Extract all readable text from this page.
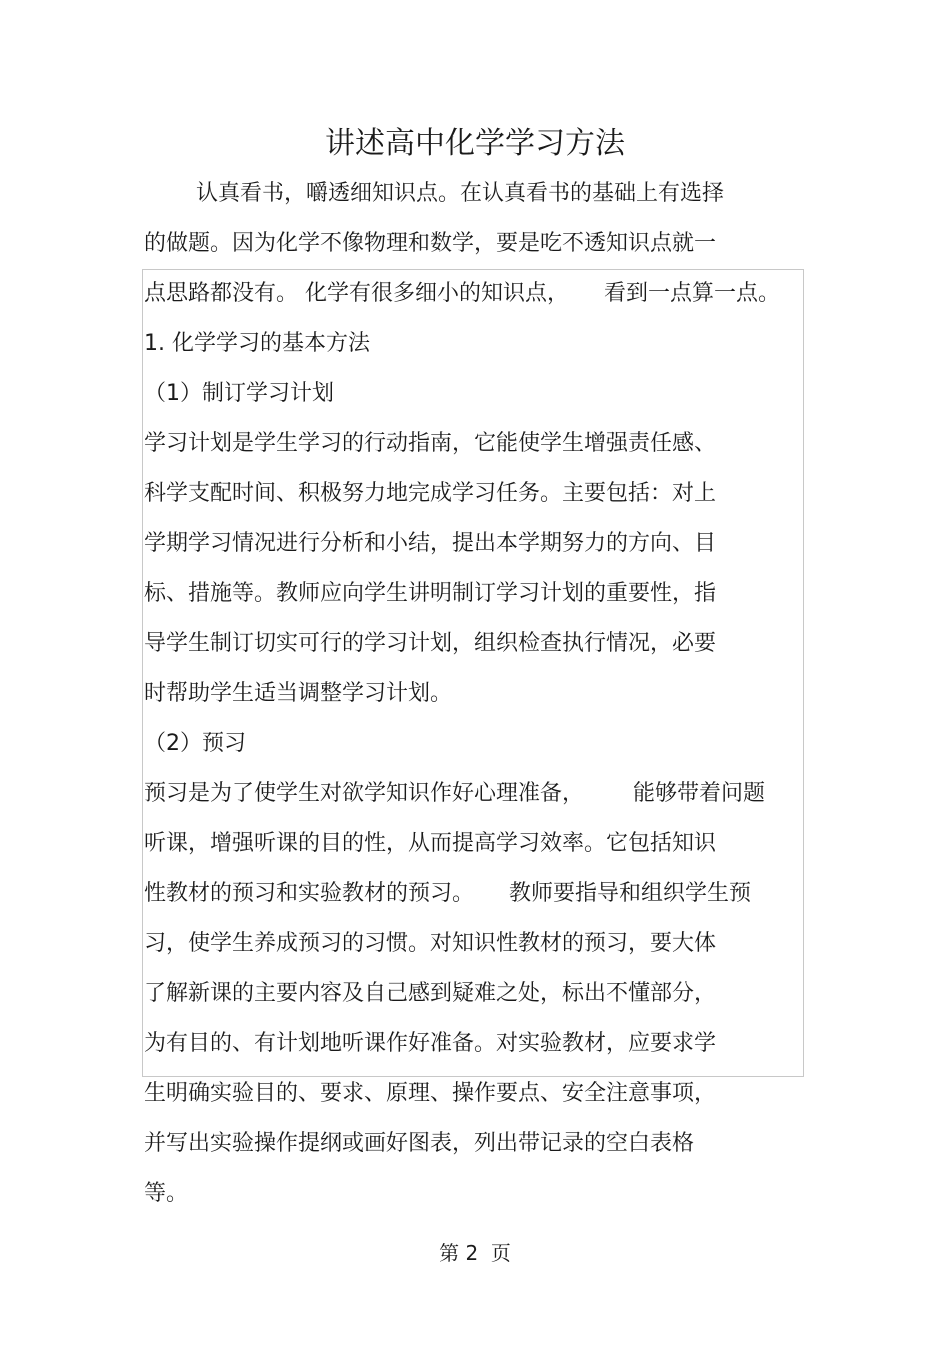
讲述高中化学学习方法
认真看书，嚼透细知识点。在认真看书的基础上有选择
的做题。因为化学不像物理和数学，要是吃不透知识点就一
点思路都没有。 化学有很多细小的知识点，     看到一点算一点。
1. 化学学习的基本方法
（1）制订学习计划
学习计划是学生学习的行动指南，它能使学生增强责任感、
科学支配时间、积极努力地完成学习任务。主要包括：对上
学期学习情况进行分析和小结，提出本学期努力的方向、目
标、措施等。教师应向学生讲明制订学习计划的重要性，指
导学生制订切实可行的学习计划，组织检查执行情况，必要
时帮助学生适当调整学习计划。
（2）预习
预习是为了使学生对欲学知识作好心理准备，       能够带着问题
听课，增强听课的目的性，从而提高学习效率。它包括知识
性教材的预习和实验教材的预习。     教师要指导和组织学生预
习，使学生养成预习的习惯。对知识性教材的预习，要大体
了解新课的主要内容及自己感到疑难之处，标出不懂部分，
为有目的、有计划地听课作好准备。对实验教材，应要求学
生明确实验目的、要求、原理、操作要点、安全注意事项，
并写出实验操作提纲或画好图表，列出带记录的空白表格
等。
第 2  页
